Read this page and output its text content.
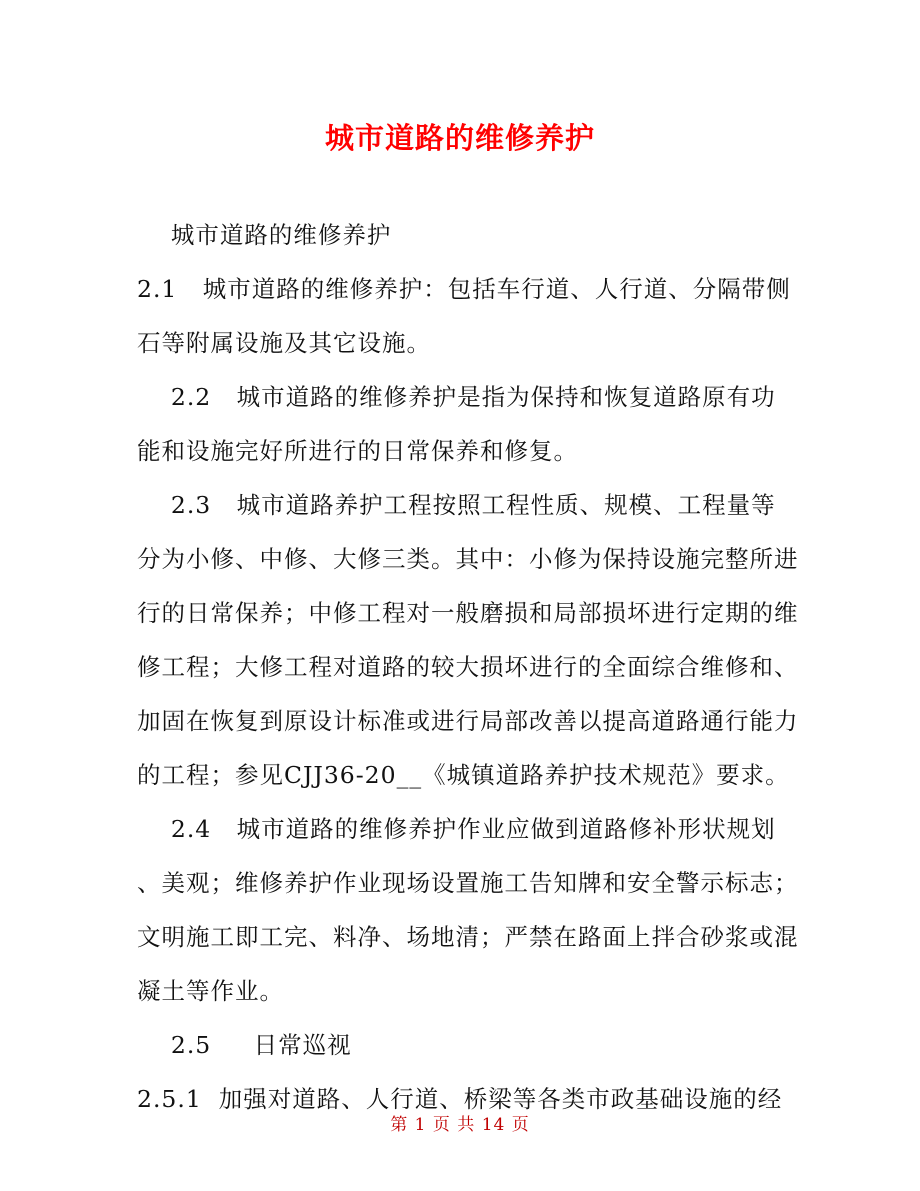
城市道路的维修养护
城市道路的维修养护
2.1   城市道路的维修养护：包括车行道、人行道、分隔带侧
石等附属设施及其它设施。
2.2   城市道路的维修养护是指为保持和恢复道路原有功
能和设施完好所进行的日常保养和修复。
2.3   城市道路养护工程按照工程性质、规模、工程量等
分为小修、中修、大修三类。其中：小修为保持设施完整所进
行的日常保养；中修工程对一般磨损和局部损坏进行定期的维
修工程；大修工程对道路的较大损坏进行的全面综合维修和、
加固在恢复到原设计标准或进行局部改善以提高道路通行能力
的工程；参见CJJ36-20__《城镇道路养护技术规范》要求。
2.4   城市道路的维修养护作业应做到道路修补形状规划
、美观；维修养护作业现场设置施工告知牌和安全警示标志；
文明施工即工完、料净、场地清；严禁在路面上拌合砂浆或混
凝土等作业。
2.5     日常巡视
2.5.1  加强对道路、人行道、桥梁等各类市政基础设施的经
第 1 页 共 14 页
